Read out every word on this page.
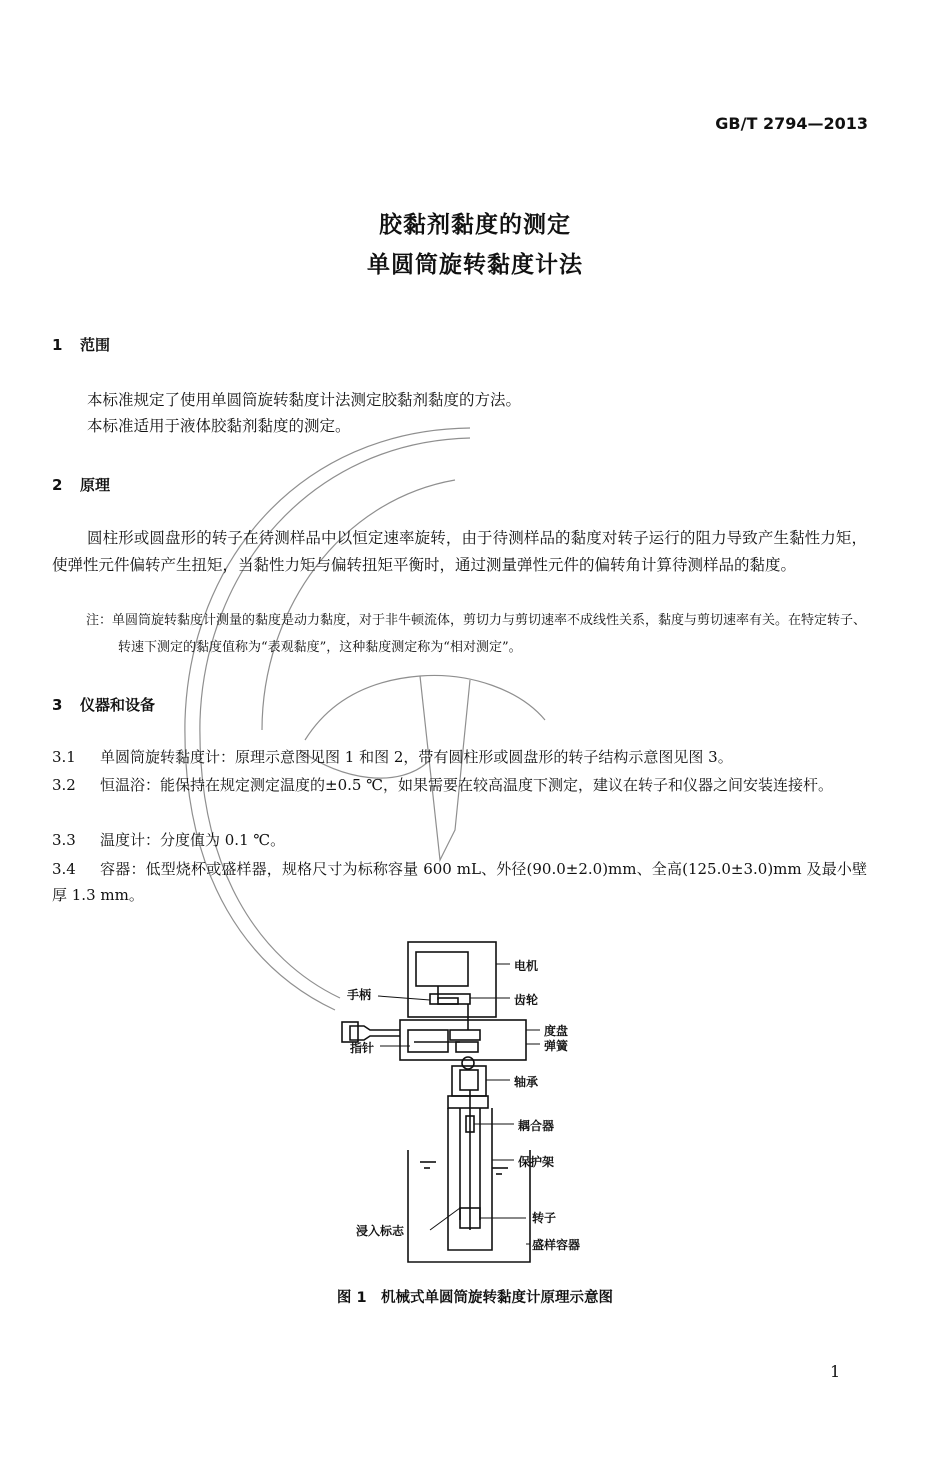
GB/T 2794—2013
胶黏剂黏度的测定
单圆筒旋转黏度计法
1 范围
本标准规定了使用单圆筒旋转黏度计法测定胶黏剂黏度的方法。
本标准适用于液体胶黏剂黏度的测定。
2 原理
圆柱形或圆盘形的转子在待测样品中以恒定速率旋转，由于待测样品的黏度对转子运行的阻力导致产生黏性力矩，使弹性元件偏转产生扭矩，当黏性力矩与偏转扭矩平衡时，通过测量弹性元件的偏转角计算待测样品的黏度。
注：单圆筒旋转黏度计测量的黏度是动力黏度，对于非牛顿流体，剪切力与剪切速率不成线性关系，黏度与剪切速率有关。在特定转子、转速下测定的黏度值称为“表观黏度”，这种黏度测定称为“相对测定”。
3 仪器和设备
3.1 单圆筒旋转黏度计：原理示意图见图 1 和图 2，带有圆柱形或圆盘形的转子结构示意图见图 3。
3.2 恒温浴：能保持在规定测定温度的±0.5 ℃，如果需要在较高温度下测定，建议在转子和仪器之间安装连接杆。
3.3 温度计：分度值为 0.1 ℃。
3.4 容器：低型烧杯或盛样器，规格尺寸为标称容量 600 mL、外径(90.0±2.0)mm、全高(125.0±3.0)mm 及最小壁厚 1.3 mm。
电机
齿轮
手柄
度盘
弹簧
指针
轴承
耦合器
保护架
转子
浸入标志
盛样容器
图 1　机械式单圆筒旋转黏度计原理示意图
1
